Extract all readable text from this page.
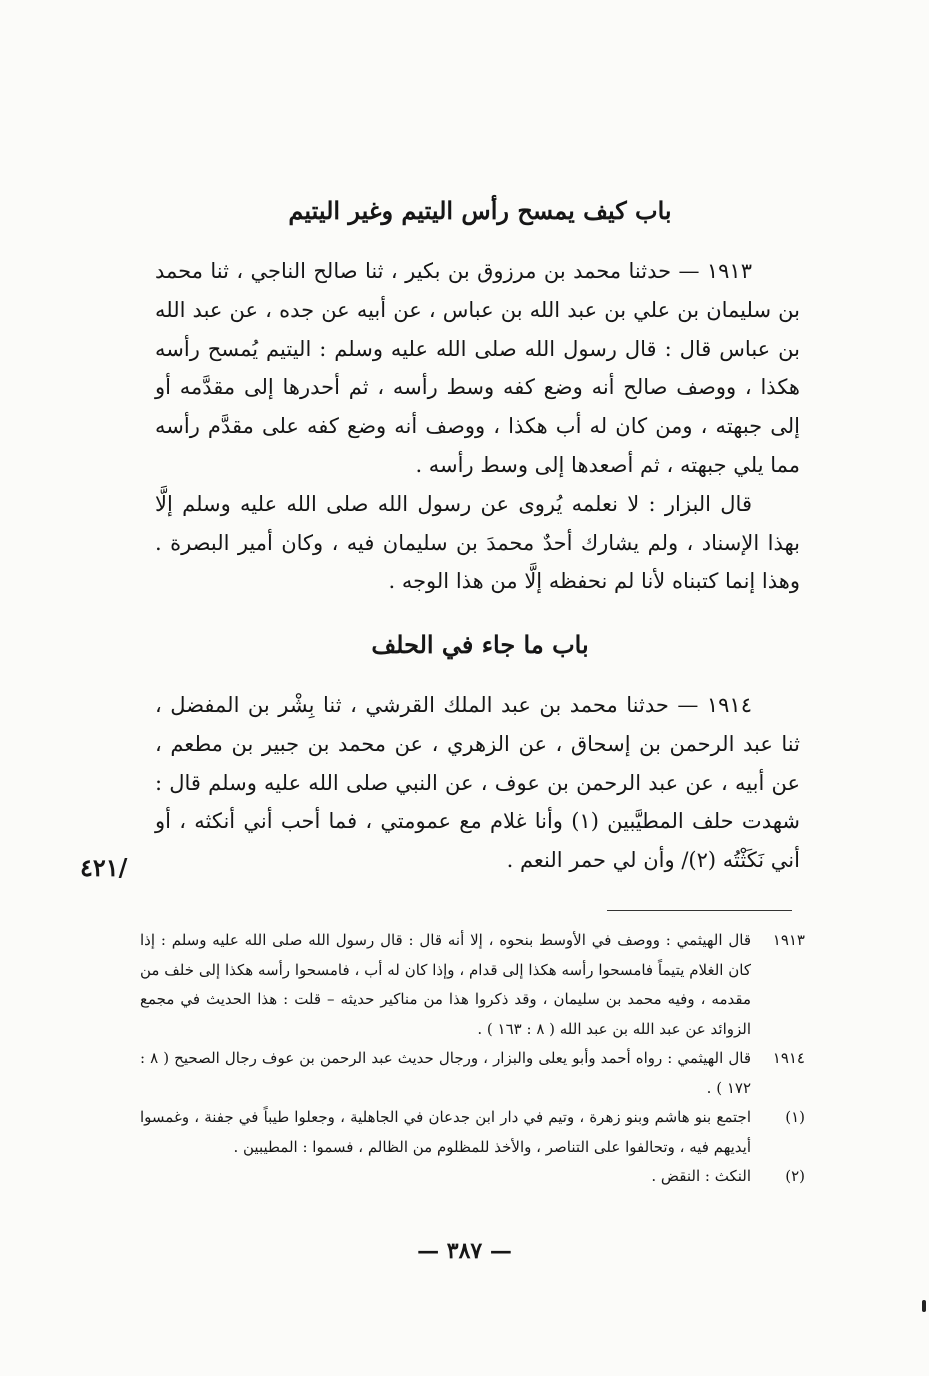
باب كيف يمسح رأس اليتيم وغير اليتيم

١٩١٣ — حدثنا محمد بن مرزوق بن بكير ، ثنا صالح الناجي ، ثنا محمد بن سليمان بن علي بن عبد الله بن عباس ، عن أبيه عن جده ، عن عبد الله بن عباس قال : قال رسول الله صلى الله عليه وسلم : اليتيم يُمسح رأسه هكذا ، ووصف صالح أنه وضع كفه وسط رأسه ، ثم أحدرها إلى مقدَّمه أو إلى جبهته ، ومن كان له أب هكذا ، ووصف أنه وضع كفه على مقدَّم رأسه مما يلي جبهته ، ثم أصعدها إلى وسط رأسه .

قال البزار : لا نعلمه يُروى عن رسول الله صلى الله عليه وسلم إلَّا بهذا الإسناد ، ولم يشارك أحدٌ محمدَ بن سليمان فيه ، وكان أمير البصرة . وهذا إنما كتبناه لأنا لم نحفظه إلَّا من هذا الوجه .

باب ما جاء في الحلف

١٩١٤ — حدثنا محمد بن عبد الملك القرشي ، ثنا بِشْر بن المفضل ، ثنا عبد الرحمن بن إسحاق ، عن الزهري ، عن محمد بن جبير بن مطعم ، عن أبيه ، عن عبد الرحمن بن عوف ، عن النبي صلى الله عليه وسلم قال : شهدت حلف المطيَّبين (١) وأنا غلام مع عمومتي ، فما أحب أني أنكثه ، أو أني نَكَثْتُه (٢)/ وأن لي حمر النعم .

٤٢١/
١٩١٣
قال الهيثمي : ووصف في الأوسط بنحوه ، إلا أنه قال : قال رسول الله صلى الله عليه وسلم : إذا كان الغلام يتيماً فامسحوا رأسه هكذا إلى قدام ، وإذا كان له أب ، فامسحوا رأسه هكذا إلى خلف من مقدمه ، وفيه محمد بن سليمان ، وقد ذكروا هذا من مناكير حديثه – قلت : هذا الحديث في مجمع الزوائد عن عبد الله بن عبد الله ( ٨ : ١٦٣ ) .
١٩١٤
قال الهيثمي : رواه أحمد وأبو يعلى والبزار ، ورجال حديث عبد الرحمن بن عوف رجال الصحيح ( ٨ : ١٧٢ ) .
(١)
اجتمع بنو هاشم وبنو زهرة ، وتيم في دار ابن جدعان في الجاهلية ، وجعلوا طيباً في جفنة ، وغمسوا أيديهم فيه ، وتحالفوا على التناصر ، والأخذ للمظلوم من الظالم ، فسموا : المطيبين .
(٢)
النكث : النقض .
— ٣٨٧ —
